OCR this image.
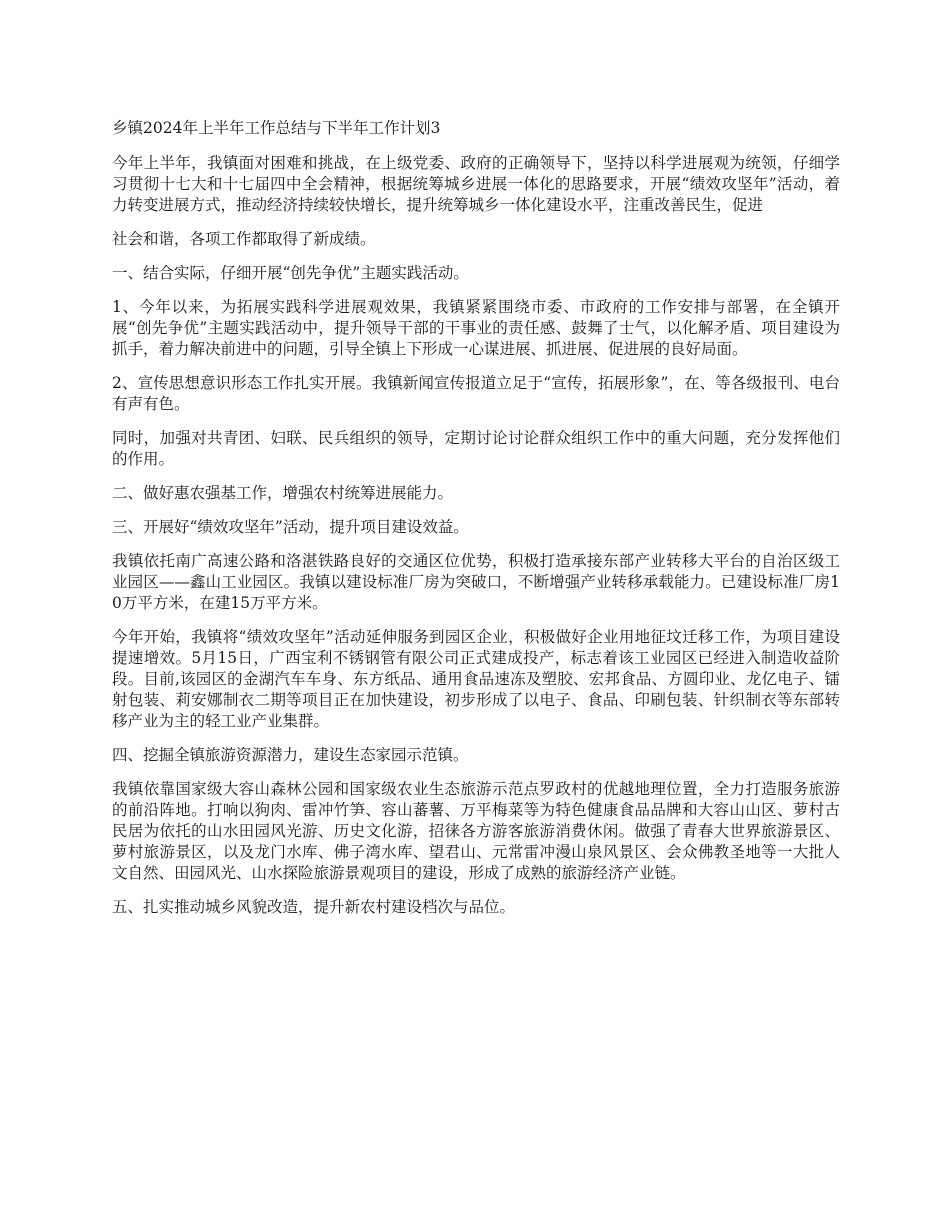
乡镇2024年上半年工作总结与下半年工作计划3

今年上半年，我镇面对困难和挑战，在上级党委、政府的正确领导下，坚持以科学进展观为统领，仔细学习贯彻十七大和十七届四中全会精神，根据统筹城乡进展一体化的思路要求，开展“绩效攻坚年”活动，着力转变进展方式，推动经济持续较快增长，提升统筹城乡一体化建设水平，注重改善民生，促进

社会和谐，各项工作都取得了新成绩。

一、结合实际，仔细开展“创先争优”主题实践活动。

1、今年以来，为拓展实践科学进展观效果，我镇紧紧围绕市委、市政府的工作安排与部署，在全镇开展“创先争优”主题实践活动中，提升领导干部的干事业的责任感、鼓舞了士气，以化解矛盾、项目建设为抓手，着力解决前进中的问题，引导全镇上下形成一心谋进展、抓进展、促进展的良好局面。

2、宣传思想意识形态工作扎实开展。我镇新闻宣传报道立足于“宣传，拓展形象”，在、等各级报刊、电台有声有色。

同时，加强对共青团、妇联、民兵组织的领导，定期讨论讨论群众组织工作中的重大问题，充分发挥他们的作用。

二、做好惠农强基工作，增强农村统筹进展能力。

三、开展好“绩效攻坚年”活动，提升项目建设效益。

我镇依托南广高速公路和洛湛铁路良好的交通区位优势，积极打造承接东部产业转移大平台的自治区级工业园区——鑫山工业园区。我镇以建设标准厂房为突破口，不断增强产业转移承载能力。已建设标准厂房10万平方米，在建15万平方米。

今年开始，我镇将“绩效攻坚年”活动延伸服务到园区企业，积极做好企业用地征坟迁移工作，为项目建设提速增效。5月15日，广西宝利不锈钢管有限公司正式建成投产，标志着该工业园区已经进入制造收益阶段。目前,该园区的金湖汽车车身、东方纸品、通用食品速冻及塑胶、宏邦食品、方圆印业、龙亿电子、镭射包装、莉安娜制衣二期等项目正在加快建设，初步形成了以电子、食品、印刷包装、针织制衣等东部转移产业为主的轻工业产业集群。

四、挖掘全镇旅游资源潜力，建设生态家园示范镇。

我镇依靠国家级大容山森林公园和国家级农业生态旅游示范点罗政村的优越地理位置，全力打造服务旅游的前沿阵地。打响以狗肉、雷冲竹笋、容山蕃薯、万平梅菜等为特色健康食品品牌和大容山山区、萝村古民居为依托的山水田园风光游、历史文化游，招徕各方游客旅游消费休闲。做强了青春大世界旅游景区、萝村旅游景区，以及龙门水库、佛子湾水库、望君山、元常雷冲漫山泉风景区、会众佛教圣地等一大批人文自然、田园风光、山水探险旅游景观项目的建设，形成了成熟的旅游经济产业链。

五、扎实推动城乡风貌改造，提升新农村建设档次与品位。
